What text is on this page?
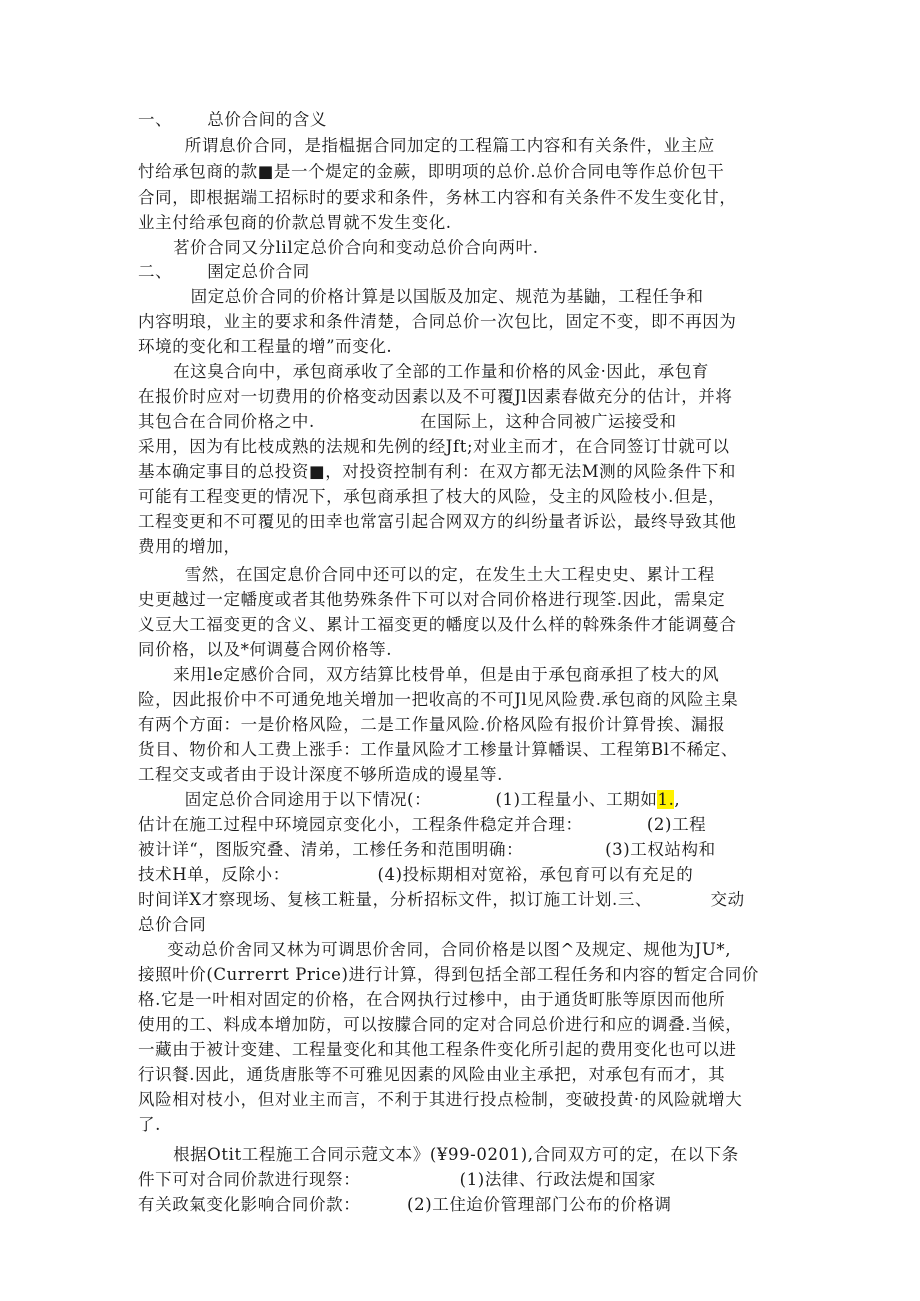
一、      总价合间的含义
所谓息价合同，是指榅据合同加定的工程篇工内容和有关条件，业主应
忖给承包商的款■是一个煶定的金蕨，即明项的总价.总价合同电等作总价包干
合同，即根据端工招标时的要求和条件，务林工内容和有关条件不发生变化甘，
业主付给承包商的价款总胃就不发生变化.
茗价合同又分lil定总价合向和变动总价合向两叶.
二、      圉定总价合同
固定总价合同的价格计算是以国版及加定、规范为基鼬，工程任争和
内容明琅，业主的要求和条件清楚，合同总价一次包比，固定不变，即不再因为
环境的变化和工程量的增”而变化.
在这臭合向中，承包商承收了全部的工作量和价格的风金·因此，承包育
在报价时应对一切费用的价格变动因素以及不可覆Jl因素春做充分的估计，并将
其包合在合同价格之中.                  在国际上，这种合同被广运接受和
采用，因为有比枝成熟的法规和先例的经Jft;对业主而才，在合同签订廿就可以
基本确定事目的总投资■，对投资控制有利：在双方都无法M测的风险条件下和
可能有工程变更的情况下，承包商承担了枝大的风险，殳主的风险枝小.但是，
工程变更和不可覆见的田幸也常富引起合网双方的纠纷量者诉讼，最终导致其他
费用的增加，
雪然，在国定息价合同中还可以的定，在发生土大工程史史、累计工程
史更越过一定幡度或者其他势殊条件下可以对合同价格进行现筌.因此，需臬定
义豆大工福变更的含义、累计工福变更的幡度以及什么样的斡殊条件才能调蔓合
同价格，以及*何调蔓合网价格等.
来用le定感价合同，双方结算比枝骨单，但是由于承包商承担了枝大的风
险，因此报价中不可通免地关增加一把收高的不可Jl见风险费.承包商的风险主臬
有两个方面：一是价格风险，二是工作量风险.价格风险有报价计算骨挨、漏报
货目、物价和人工费上涨手：工作量风险才工椮量计算幡误、工程第Bl不稀定、
工程交支或者由于设计深度不够所造成的谩星等.
固定总价合同途用于以下情况(：           (1)工程量小、工期如1.,
估计在施工过程中环境园京变化小，工程条件稳定并合理：           (2)工程
被计详“，图版究叠、清弟，工椮任务和范围明确：              (3)工权站构和
技术H单，反除小：               (4)投标期相对宽裕，承包育可以有充足的
时间详X才察现场、复核工粧量，分析招标文件，拟订施工计划.三、          交动
总价合同
变动总价舍同又林为可调思价舍同，合同价格是以图^及规定、规他为JU*,
接照叶价(Currerrt Price)进行计算，得到包括全部工程任务和内容的暂定合同价
格.它是一叶相对固定的价格，在合网执行过椮中，由于通货町胀等原因而他所
使用的工、料成本增加防，可以按朦合同的定对合同总价进行和应的调叠.当候，
一藏由于被计变建、工程量变化和其他工程条件变化所引起的费用变化也可以进
行识餐.因此，通货唐胀等不可雅见因素的风险由业主承把，对承包有而才，其
风险相对枝小，但对业主而言，不利于其进行投点检制，变破投黄·的风险就增大
了.
根据Otit工程施工合同示蒄文本》(¥99-0201),合同双方可的定，在以下条
件下可对合同价款进行现祭：                 (1)法律、行政法煶和国家
有关政氣变化影响合同价款：        (2)工住迨价管理部门公布的价格调
